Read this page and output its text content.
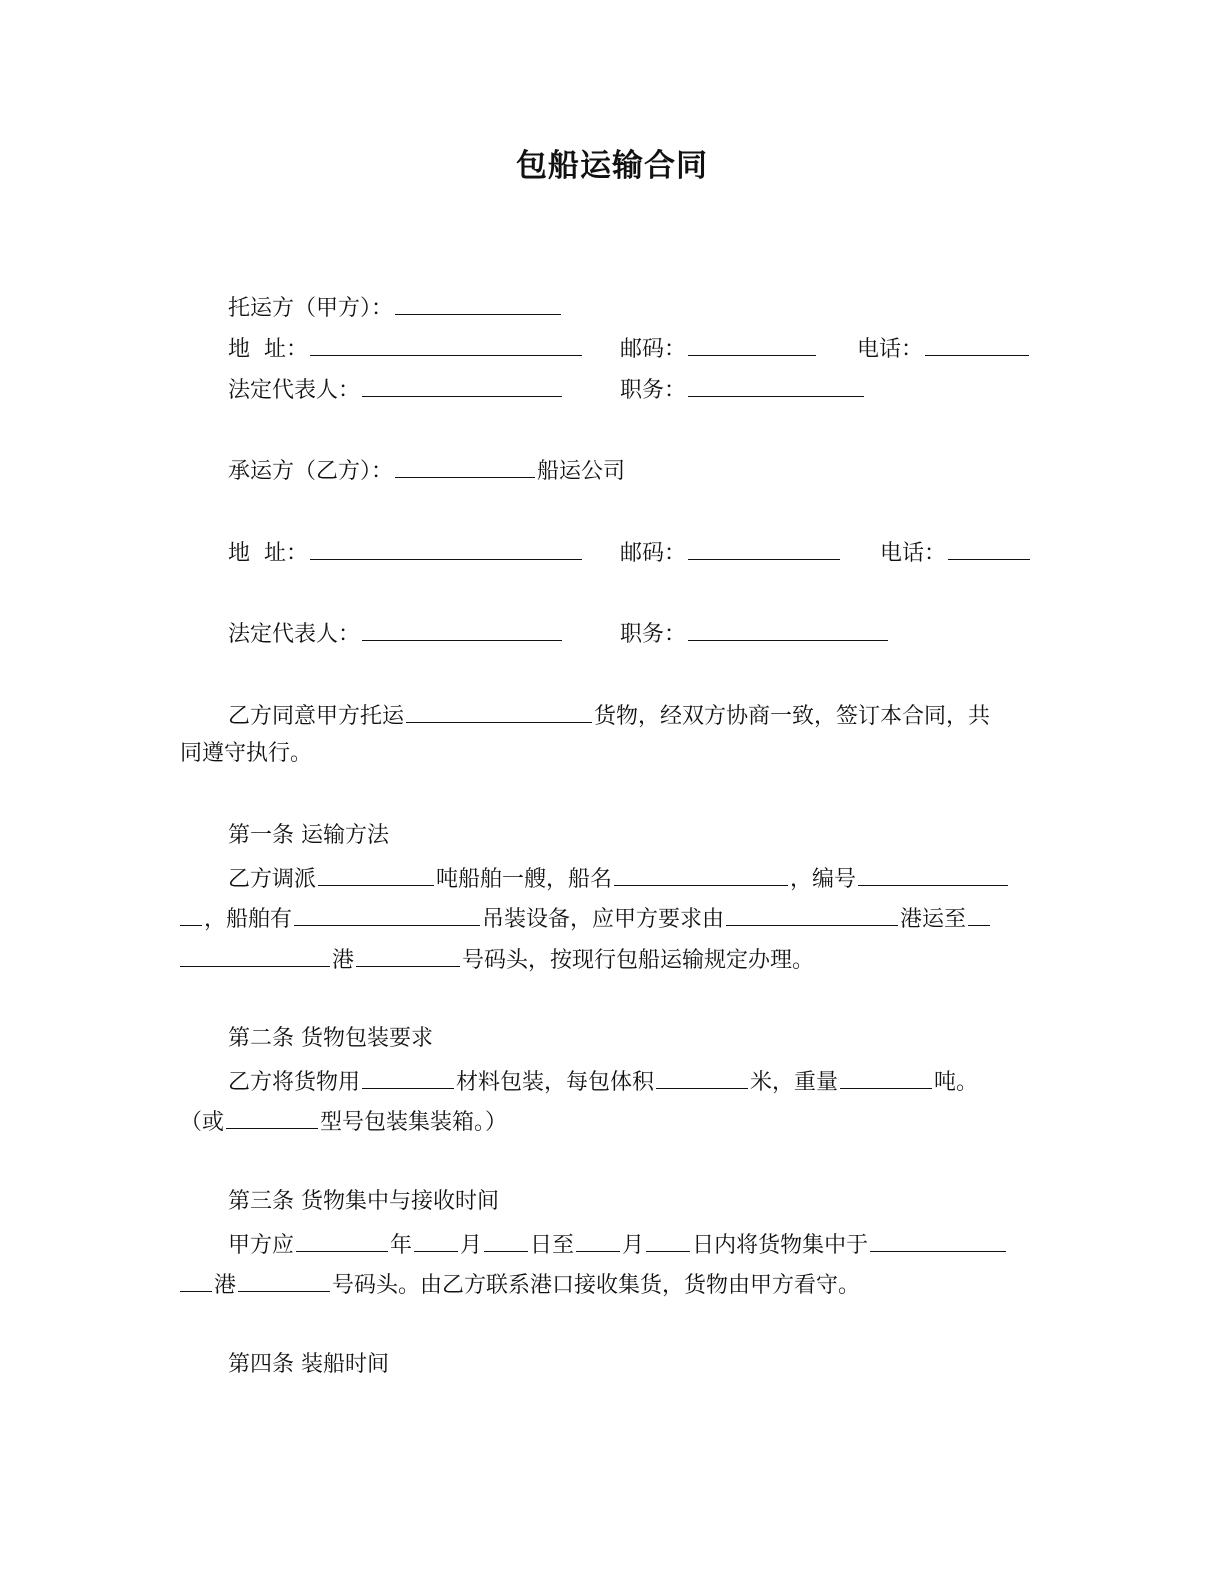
包船运输合同
托运方（甲方）：
地  址：	邮码：	电话：
法定代表人：	职务：
承运方（乙方）：	船运公司
地  址：	邮码：	电话：
法定代表人：	职务：
乙方同意甲方托运	货物，经双方协商一致，签订本合同，共
同遵守执行。
第一条 运输方法
乙方调派	吨船舶一艘，船名	，编号
，船舶有	吊装设备，应甲方要求由	港运至
港	号码头，按现行包船运输规定办理。
第二条 货物包装要求
乙方将货物用	材料包装，每包体积	米，重量	吨。
（或	型号包装集装箱。）
第三条 货物集中与接收时间
甲方应	年 月 日至 月 日内将货物集中于
港	号码头。由乙方联系港口接收集货，货物由甲方看守。
第四条 装船时间
